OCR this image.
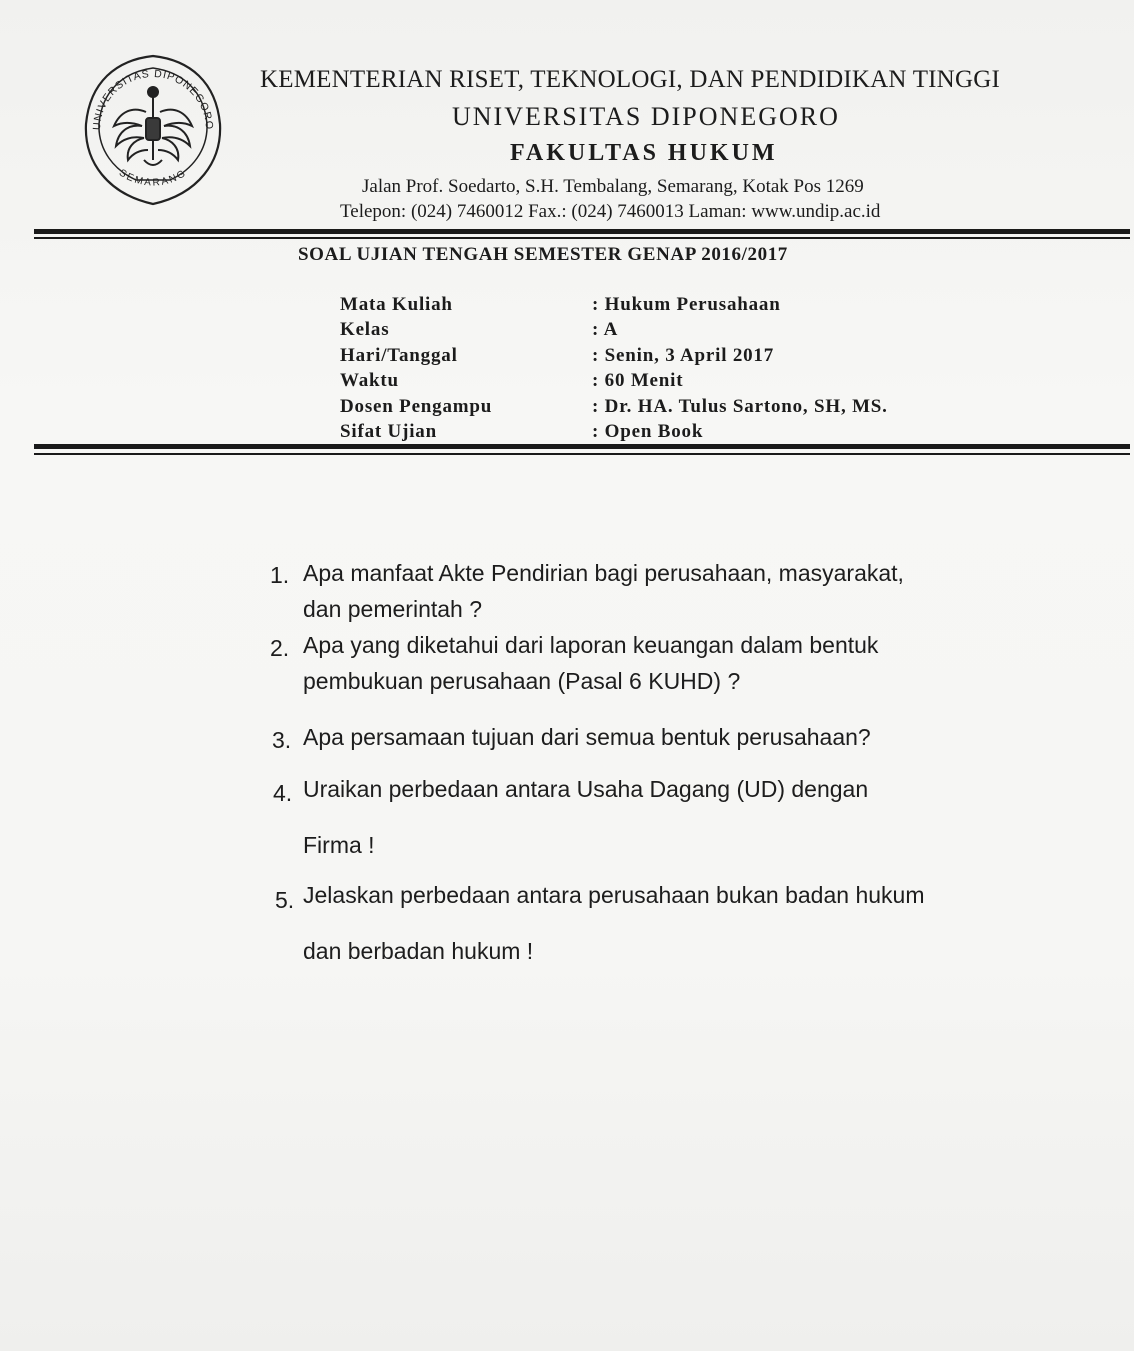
UNIVERSITAS DIPONEGORO
SEMARANG
KEMENTERIAN RISET, TEKNOLOGI, DAN PENDIDIKAN TINGGI
UNIVERSITAS DIPONEGORO
FAKULTAS HUKUM
Jalan Prof. Soedarto, S.H. Tembalang, Semarang, Kotak Pos 1269
Telepon: (024) 7460012 Fax.: (024) 7460013 Laman: www.undip.ac.id
SOAL UJIAN TENGAH SEMESTER GENAP 2016/2017
Mata Kuliah	: Hukum Perusahaan
Kelas	: A
Hari/Tanggal	: Senin, 3 April 2017
Waktu	: 60 Menit
Dosen Pengampu	: Dr. HA. Tulus Sartono, SH, MS.
Sifat Ujian	: Open Book
1. Apa manfaat Akte Pendirian bagi perusahaan, masyarakat,
dan pemerintah ?
2. Apa yang diketahui dari laporan keuangan dalam bentuk
pembukuan perusahaan (Pasal 6 KUHD) ?
3. Apa persamaan tujuan dari semua bentuk perusahaan?
4. Uraikan perbedaan antara Usaha Dagang (UD) dengan
Firma !
5. Jelaskan perbedaan antara perusahaan bukan badan hukum
dan berbadan hukum !
